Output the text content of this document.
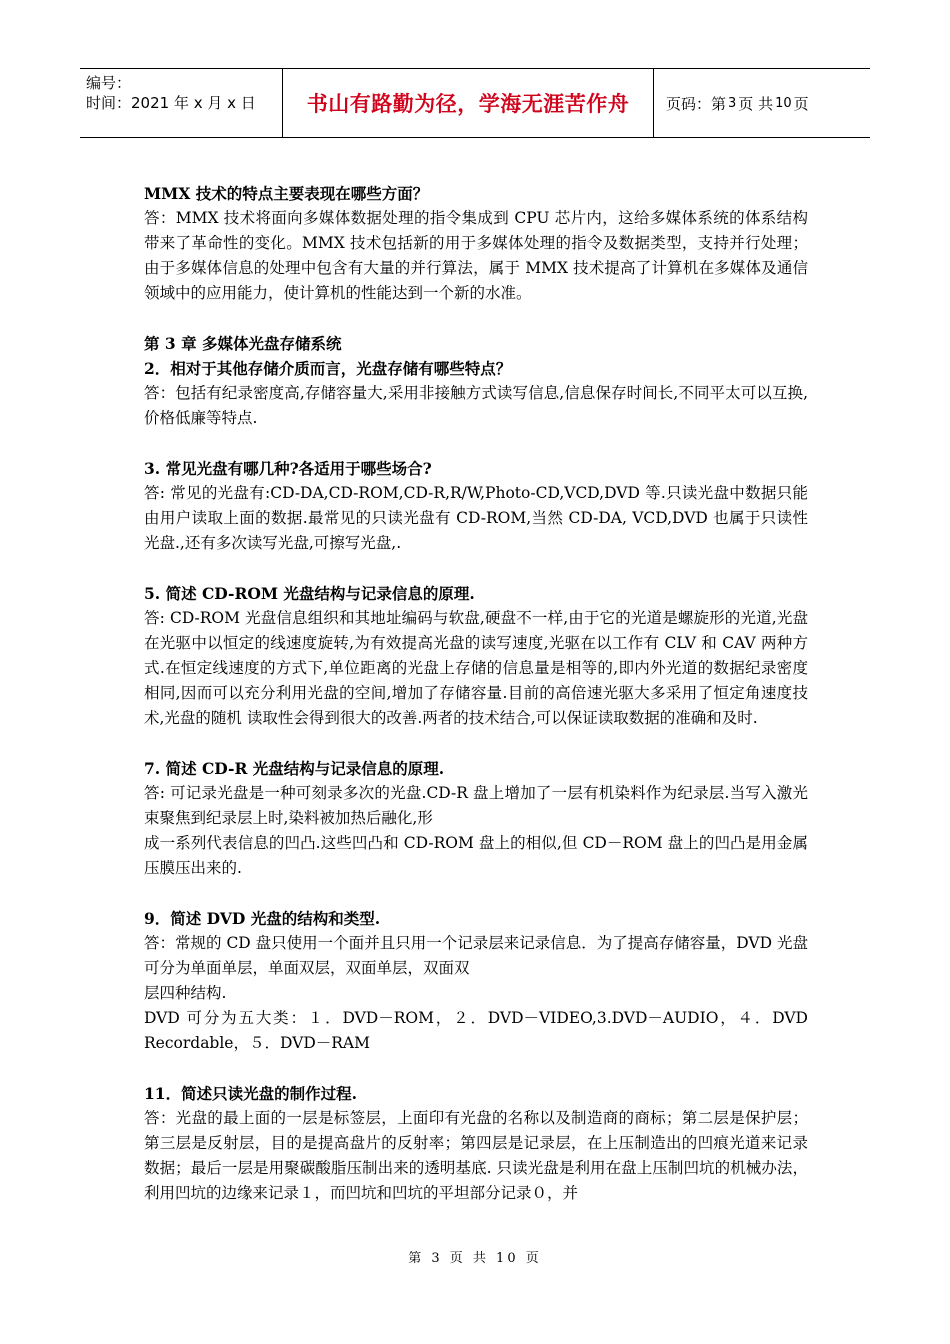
编号：
时间：2021 年 x 月 x 日	书山有路勤为径，学海无涯苦作舟	页码：第 3 页 共 10 页

MMX 技术的特点主要表现在哪些方面？

答：MMX 技术将面向多媒体数据处理的指令集成到 CPU 芯片内，这给多媒体系统的体系结构带来了革命性的变化。MMX 技术包括新的用于多媒体处理的指令及数据类型，支持并行处理；由于多媒体信息的处理中包含有大量的并行算法，属于 MMX 技术提高了计算机在多媒体及通信领域中的应用能力，使计算机的性能达到一个新的水准。

第 3 章 多媒体光盘存储系统

2．相对于其他存储介质而言，光盘存储有哪些特点？

答：包括有纪录密度高,存储容量大,采用非接触方式读写信息,信息保存时间长,不同平太可以互换,价格低廉等特点.

3. 常见光盘有哪几种?各适用于哪些场合?

答: 常见的光盘有:CD-DA,CD-ROM,CD-R,R/W,Photo-CD,VCD,DVD 等.只读光盘中数据只能由用户读取上面的数据.最常见的只读光盘有 CD-ROM,当然 CD-DA, VCD,DVD 也属于只读性光盘.,还有多次读写光盘,可擦写光盘,.

5. 简述 CD-ROM 光盘结构与记录信息的原理.

答: CD-ROM 光盘信息组织和其地址编码与软盘,硬盘不一样,由于它的光道是螺旋形的光道,光盘在光驱中以恒定的线速度旋转,为有效提高光盘的读写速度,光驱在以工作有 CLV 和 CAV 两种方式.在恒定线速度的方式下,单位距离的光盘上存储的信息量是相等的,即内外光道的数据纪录密度相同,因而可以充分利用光盘的空间,增加了存储容量.目前的高倍速光驱大多采用了恒定角速度技术,光盘的随机 读取性会得到很大的改善.两者的技术结合,可以保证读取数据的准确和及时.

7. 简述 CD-R 光盘结构与记录信息的原理.

答: 可记录光盘是一种可刻录多次的光盘.CD-R 盘上增加了一层有机染料作为纪录层.当写入激光束聚焦到纪录层上时,染料被加热后融化,形

成一系列代表信息的凹凸.这些凹凸和 CD-ROM 盘上的相似,但 CD－ROM 盘上的凹凸是用金属压膜压出来的.

9．简述 DVD 光盘的结构和类型.

答：常规的 CD 盘只使用一个面并且只用一个记录层来记录信息．为了提高存储容量，DVD 光盘可分为单面单层，单面双层，双面单层，双面双

层四种结构.

DVD 可分为五大类：１．DVD－ROM，２．DVD－VIDEO,3.DVD－AUDIO，４．DVD Recordable，５．DVD－RAM

11．简述只读光盘的制作过程.

答：光盘的最上面的一层是标签层，上面印有光盘的名称以及制造商的商标；第二层是保护层；第三层是反射层，目的是提高盘片的反射率；第四层是记录层，在上压制造出的凹痕光道来记录数据；最后一层是用聚碳酸脂压制出来的透明基底. 只读光盘是利用在盘上压制凹坑的机械办法，利用凹坑的边缘来记录１，而凹坑和凹坑的平坦部分记录０，并

第 3 页 共 10 页
